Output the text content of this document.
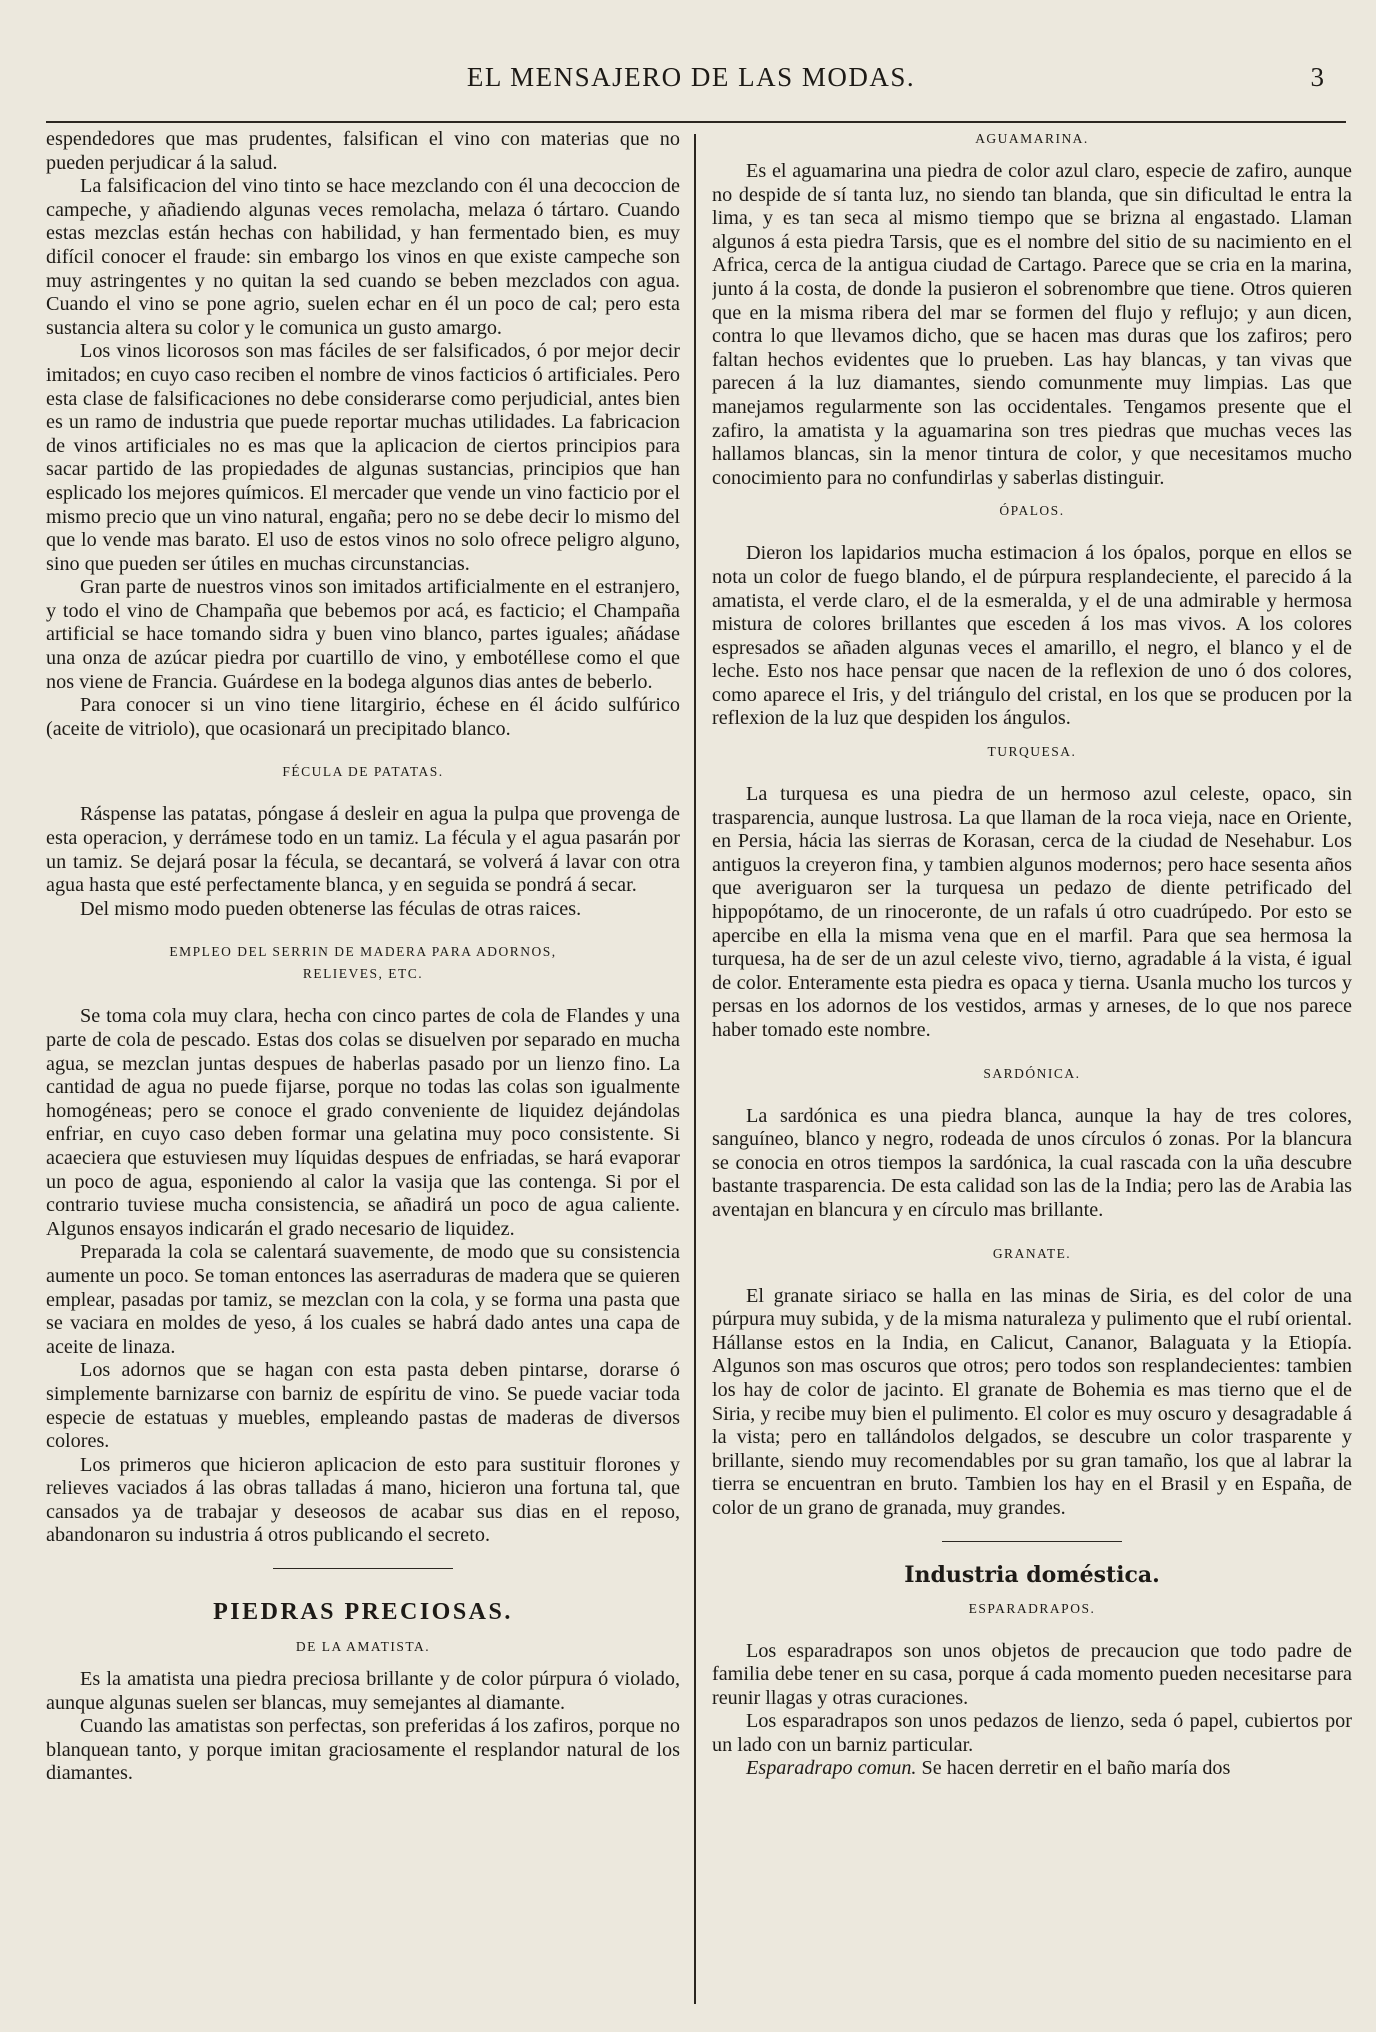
EL MENSAJERO DE LAS MODAS.	3

espendedores que mas prudentes, falsifican el vino con materias que no pueden perjudicar á la salud.

La falsificacion del vino tinto se hace mezclando con él una decoccion de campeche, y añadiendo algunas veces remolacha, melaza ó tártaro. Cuando estas mezclas están hechas con habilidad, y han fermentado bien, es muy difícil conocer el fraude: sin embargo los vinos en que existe campeche son muy astringentes y no quitan la sed cuando se beben mezclados con agua. Cuando el vino se pone agrio, suelen echar en él un poco de cal; pero esta sustancia altera su color y le comunica un gusto amargo.

Los vinos licorosos son mas fáciles de ser falsificados, ó por mejor decir imitados; en cuyo caso reciben el nombre de vinos facticios ó artificiales. Pero esta clase de falsificaciones no debe considerarse como perjudicial, antes bien es un ramo de industria que puede reportar muchas utilidades. La fabricacion de vinos artificiales no es mas que la aplicacion de ciertos principios para sacar partido de las propiedades de algunas sustancias, principios que han esplicado los mejores químicos. El mercader que vende un vino facticio por el mismo precio que un vino natural, engaña; pero no se debe decir lo mismo del que lo vende mas barato. El uso de estos vinos no solo ofrece peligro alguno, sino que pueden ser útiles en muchas circunstancias.

Gran parte de nuestros vinos son imitados artificialmente en el estranjero, y todo el vino de Champaña que bebemos por acá, es facticio; el Champaña artificial se hace tomando sidra y buen vino blanco, partes iguales; añádase una onza de azúcar piedra por cuartillo de vino, y embotéllese como el que nos viene de Francia. Guárdese en la bodega algunos dias antes de beberlo.

Para conocer si un vino tiene litargirio, échese en él ácido sulfúrico (aceite de vitriolo), que ocasionará un precipitado blanco.

FÉCULA DE PATATAS.

Ráspense las patatas, póngase á desleir en agua la pulpa que provenga de esta operacion, y derrámese todo en un tamiz. La fécula y el agua pasarán por un tamiz. Se dejará posar la fécula, se decantará, se volverá á lavar con otra agua hasta que esté perfectamente blanca, y en seguida se pondrá á secar.

Del mismo modo pueden obtenerse las féculas de otras raices.

EMPLEO DEL SERRIN DE MADERA PARA ADORNOS,
RELIEVES, ETC.

Se toma cola muy clara, hecha con cinco partes de cola de Flandes y una parte de cola de pescado. Estas dos colas se disuelven por separado en mucha agua, se mezclan juntas despues de haberlas pasado por un lienzo fino. La cantidad de agua no puede fijarse, porque no todas las colas son igualmente homogéneas; pero se conoce el grado conveniente de liquidez dejándolas enfriar, en cuyo caso deben formar una gelatina muy poco consistente. Si acaeciera que estuviesen muy líquidas despues de enfriadas, se hará evaporar un poco de agua, esponiendo al calor la vasija que las contenga. Si por el contrario tuviese mucha consistencia, se añadirá un poco de agua caliente. Algunos ensayos indicarán el grado necesario de liquidez.

Preparada la cola se calentará suavemente, de modo que su consistencia aumente un poco. Se toman entonces las aserraduras de madera que se quieren emplear, pasadas por tamiz, se mezclan con la cola, y se forma una pasta que se vaciara en moldes de yeso, á los cuales se habrá dado antes una capa de aceite de linaza.

Los adornos que se hagan con esta pasta deben pintarse, dorarse ó simplemente barnizarse con barniz de espíritu de vino. Se puede vaciar toda especie de estatuas y muebles, empleando pastas de maderas de diversos colores.

Los primeros que hicieron aplicacion de esto para sustituir florones y relieves vaciados á las obras talladas á mano, hicieron una fortuna tal, que cansados ya de trabajar y deseosos de acabar sus dias en el reposo, abandonaron su industria á otros publicando el secreto.

PIEDRAS PRECIOSAS.
DE LA AMATISTA.

Es la amatista una piedra preciosa brillante y de color púrpura ó violado, aunque algunas suelen ser blancas, muy semejantes al diamante.

Cuando las amatistas son perfectas, son preferidas á los zafiros, porque no blanquean tanto, y porque imitan graciosamente el resplandor natural de los diamantes.

AGUAMARINA.

Es el aguamarina una piedra de color azul claro, especie de zafiro, aunque no despide de sí tanta luz, no siendo tan blanda, que sin dificultad le entra la lima, y es tan seca al mismo tiempo que se brizna al engastado. Llaman algunos á esta piedra Tarsis, que es el nombre del sitio de su nacimiento en el Africa, cerca de la antigua ciudad de Cartago. Parece que se cria en la marina, junto á la costa, de donde la pusieron el sobrenombre que tiene. Otros quieren que en la misma ribera del mar se formen del flujo y reflujo; y aun dicen, contra lo que llevamos dicho, que se hacen mas duras que los zafiros; pero faltan hechos evidentes que lo prueben. Las hay blancas, y tan vivas que parecen á la luz diamantes, siendo comunmente muy limpias. Las que manejamos regularmente son las occidentales. Tengamos presente que el zafiro, la amatista y la aguamarina son tres piedras que muchas veces las hallamos blancas, sin la menor tintura de color, y que necesitamos mucho conocimiento para no confundirlas y saberlas distinguir.

ÓPALOS.

Dieron los lapidarios mucha estimacion á los ópalos, porque en ellos se nota un color de fuego blando, el de púrpura resplandeciente, el parecido á la amatista, el verde claro, el de la esmeralda, y el de una admirable y hermosa mistura de colores brillantes que esceden á los mas vivos. A los colores espresados se añaden algunas veces el amarillo, el negro, el blanco y el de leche. Esto nos hace pensar que nacen de la reflexion de uno ó dos colores, como aparece el Iris, y del triángulo del cristal, en los que se producen por la reflexion de la luz que despiden los ángulos.

TURQUESA.

La turquesa es una piedra de un hermoso azul celeste, opaco, sin trasparencia, aunque lustrosa. La que llaman de la roca vieja, nace en Oriente, en Persia, hácia las sierras de Korasan, cerca de la ciudad de Nesehabur. Los antiguos la creyeron fina, y tambien algunos modernos; pero hace sesenta años que averiguaron ser la turquesa un pedazo de diente petrificado del hippopótamo, de un rinoceronte, de un rafals ú otro cuadrúpedo. Por esto se apercibe en ella la misma vena que en el marfil. Para que sea hermosa la turquesa, ha de ser de un azul celeste vivo, tierno, agradable á la vista, é igual de color. Enteramente esta piedra es opaca y tierna. Usanla mucho los turcos y persas en los adornos de los vestidos, armas y arneses, de lo que nos parece haber tomado este nombre.

SARDÓNICA.

La sardónica es una piedra blanca, aunque la hay de tres colores, sanguíneo, blanco y negro, rodeada de unos círculos ó zonas. Por la blancura se conocia en otros tiempos la sardónica, la cual rascada con la uña descubre bastante trasparencia. De esta calidad son las de la India; pero las de Arabia las aventajan en blancura y en círculo mas brillante.

GRANATE.

El granate siriaco se halla en las minas de Siria, es del color de una púrpura muy subida, y de la misma naturaleza y pulimento que el rubí oriental. Hállanse estos en la India, en Calicut, Cananor, Balaguata y la Etiopía. Algunos son mas oscuros que otros; pero todos son resplandecientes: tambien los hay de color de jacinto. El granate de Bohemia es mas tierno que el de Siria, y recibe muy bien el pulimento. El color es muy oscuro y desagradable á la vista; pero en tallándolos delgados, se descubre un color trasparente y brillante, siendo muy recomendables por su gran tamaño, los que al labrar la tierra se encuentran en bruto. Tambien los hay en el Brasil y en España, de color de un grano de granada, muy grandes.

Industria doméstica.
ESPARADRAPOS.

Los esparadrapos son unos objetos de precaucion que todo padre de familia debe tener en su casa, porque á cada momento pueden necesitarse para reunir llagas y otras curaciones.

Los esparadrapos son unos pedazos de lienzo, seda ó papel, cubiertos por un lado con un barniz particular.

Esparadrapo comun. Se hacen derretir en el baño maría dos
